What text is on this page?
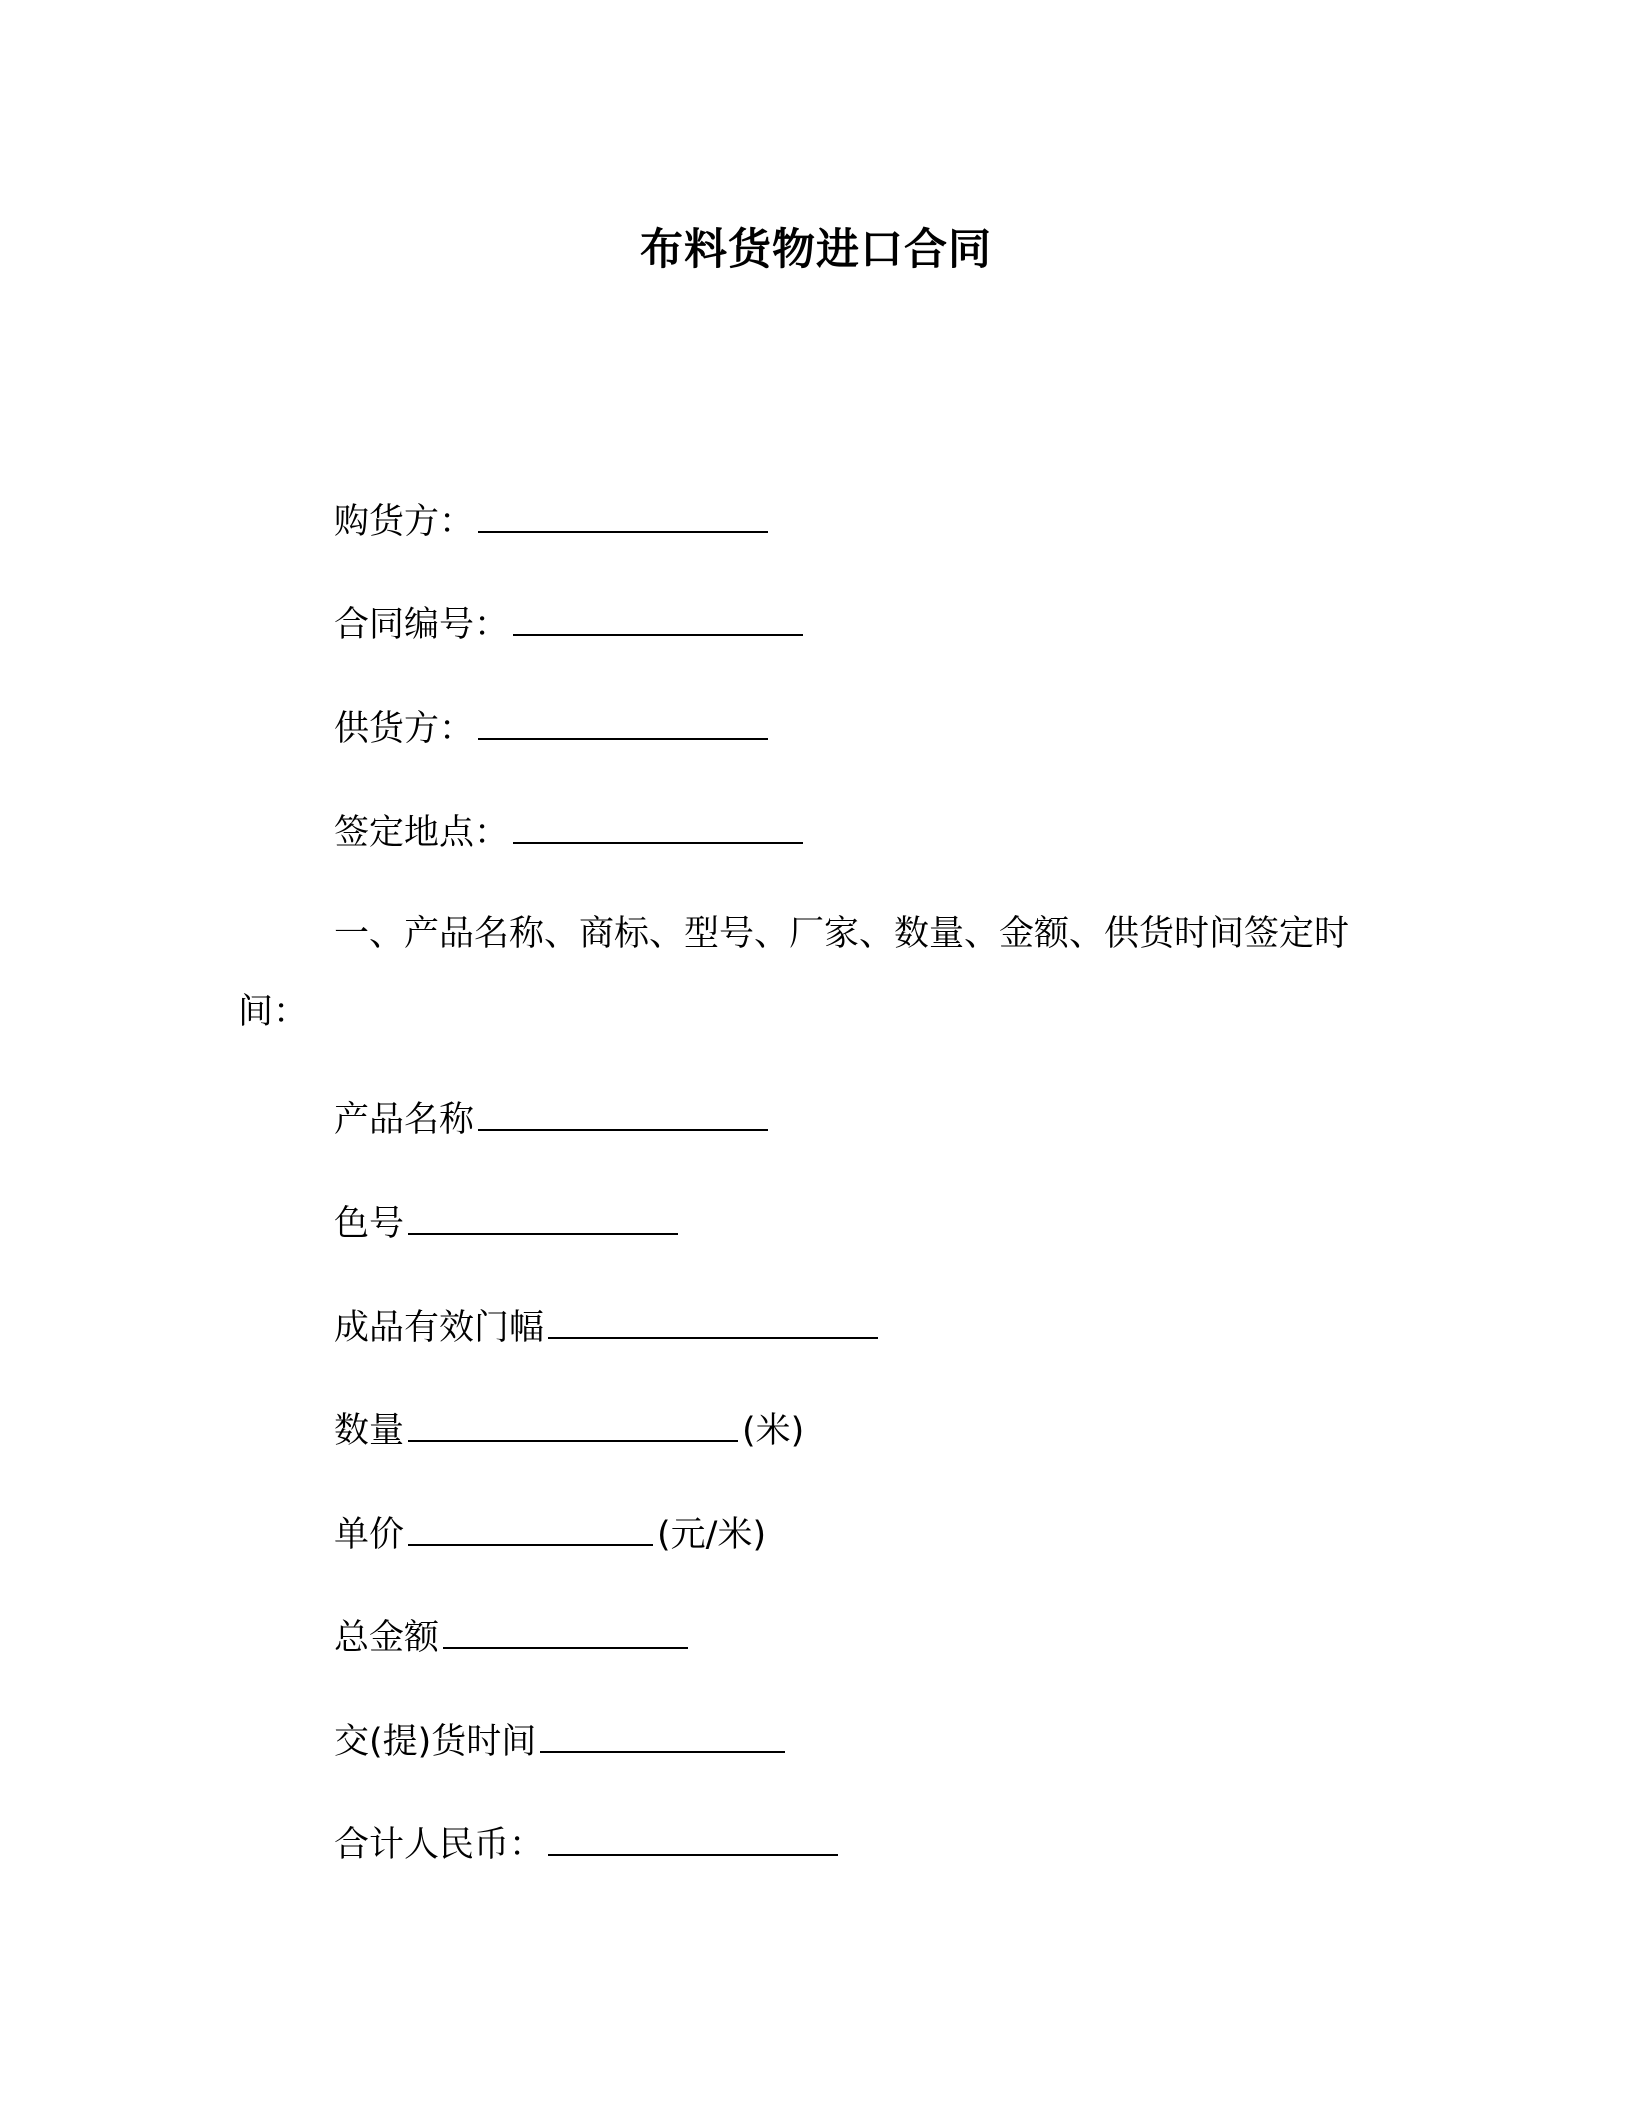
布料货物进口合同
购货方：
合同编号：
供货方：
签定地点：
一、产品名称、商标、型号、厂家、数量、金额、供货时间签定时间：
产品名称
色号
成品有效门幅
数量	(米)
单价	(元/米)
总金额
交(提)货时间
合计人民币：
